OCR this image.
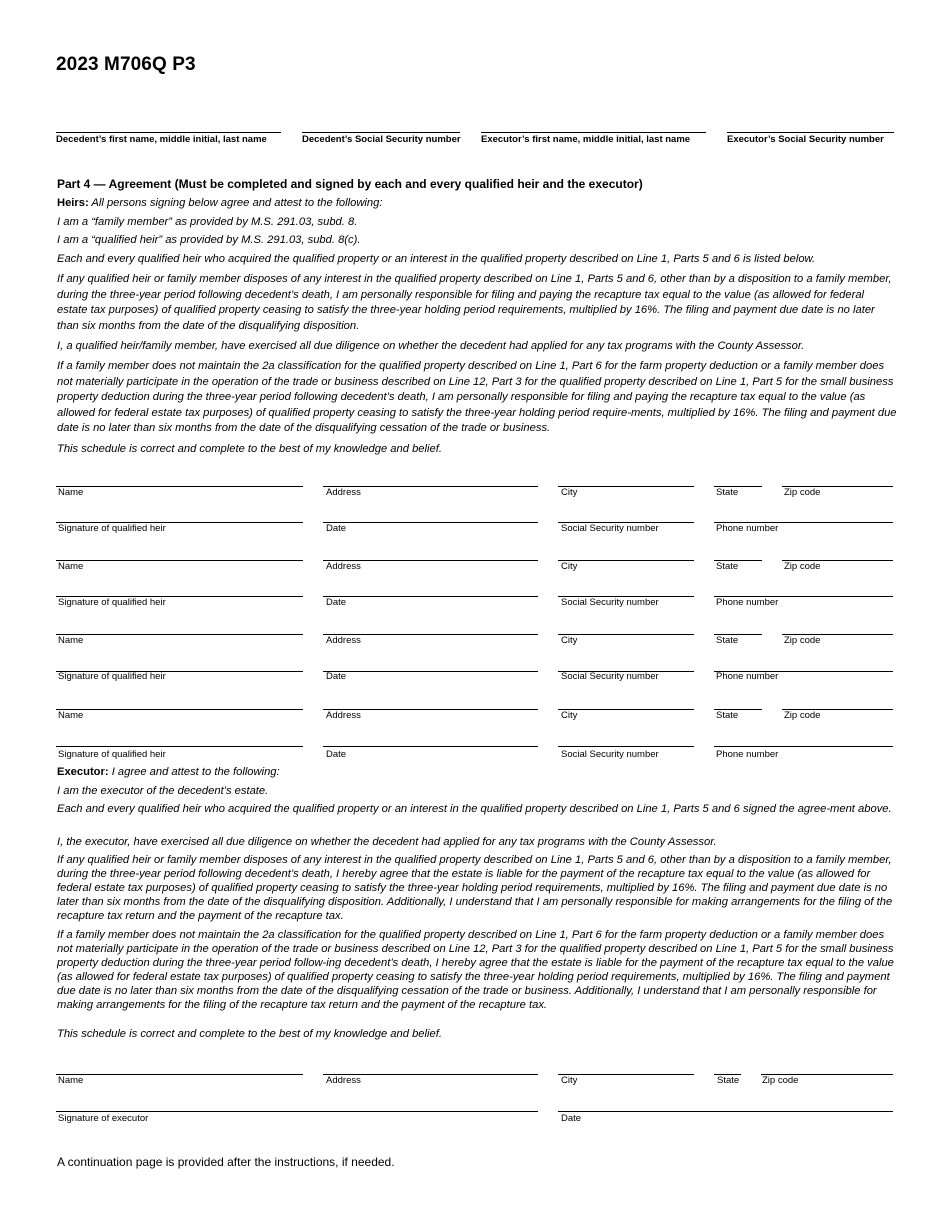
2023 M706Q P3
Decedent’s first name, middle initial, last name	Decedent’s Social Security number Executor’s first name, middle initial, last name	Executor’s Social Security number
Part 4 — Agreement (Must be completed and signed by each and every qualified heir and the executor)
Heirs: All persons signing below agree and attest to the following:
I am a “family member” as provided by M.S. 291.03, subd. 8.
I am a “qualified heir” as provided by M.S. 291.03, subd. 8(c).
Each and every qualified heir who acquired the qualified property or an interest in the qualified property described on Line 1, Parts 5 and 6 is listed below.
If any qualified heir or family member disposes of any interest in the qualified property described on Line 1, Parts 5 and 6, other than by a disposition to a family member, during the three-year period following decedent’s death, I am personally responsible for filing and paying the recapture tax equal to the value (as allowed for federal estate tax purposes) of qualified property ceasing to satisfy the three-year holding period requirements, multiplied by 16%. The filing and payment due date is no later than six months from the date of the disqualifying disposition.
I, a qualified heir/family member, have exercised all due diligence on whether the decedent had applied for any tax programs with the County Assessor.
If a family member does not maintain the 2a classification for the qualified property described on Line 1, Part 6 for the farm property deduction or a family member does not materially participate in the operation of the trade or business described on Line 12, Part 3 for the qualified property described on Line 1, Part 5 for the small business property deduction during the three-year period following decedent’s death, I am personally responsible for filing and paying the recapture tax equal to the value (as allowed for federal estate tax purposes) of qualified property ceasing to satisfy the three-year holding period require-ments, multiplied by 16%. The filing and payment due date is no later than six months from the date of the disqualifying cessation of the trade or business.
This schedule is correct and complete to the best of my knowledge and belief.
Name	Address	City	State	Zip code
Signature of qualified heir	Date	Social Security number	Phone number
Name	Address	City	State	Zip code
Signature of qualified heir	Date	Social Security number	Phone number
Name	Address	City	State	Zip code
Signature of qualified heir	Date	Social Security number	Phone number
Name	Address	City	State	Zip code
Signature of qualified heir	Date	Social Security number	Phone number
Executor: I agree and attest to the following:
I am the executor of the decedent’s estate.
Each and every qualified heir who acquired the qualified property or an interest in the qualified property described on Line 1, Parts 5 and 6 signed the agree-ment above.
I, the executor, have exercised all due diligence on whether the decedent had applied for any tax programs with the County Assessor.
If any qualified heir or family member disposes of any interest in the qualified property described on Line 1, Parts 5 and 6, other than by a disposition to a family member, during the three-year period following decedent’s death, I hereby agree that the estate is liable for the payment of the recapture tax equal to the value (as allowed for federal estate tax purposes) of qualified property ceasing to satisfy the three-year holding period requirements, multiplied by 16%. The filing and payment due date is no later than six months from the date of the disqualifying disposition. Additionally, I understand that I am personally responsible for making arrangements for the filing of the recapture tax return and the payment of the recapture tax.
If a family member does not maintain the 2a classification for the qualified property described on Line 1, Part 6 for the farm property deduction or a family member does not materially participate in the operation of the trade or business described on Line 12, Part 3 for the qualified property described on Line 1, Part 5 for the small business property deduction during the three-year period follow-ing decedent’s death, I hereby agree that the estate is liable for the payment of the recapture tax equal to the value (as allowed for federal estate tax purposes) of qualified property ceasing to satisfy the three-year holding period requirements, multiplied by 16%. The filing and payment due date is no later than six months from the date of the disqualifying cessation of the trade or business. Additionally, I understand that I am personally responsible for making arrangements for the filing of the recapture tax return and the payment of the recapture tax.
This schedule is correct and complete to the best of my knowledge and belief.
Name	Address	City	State Zip code
Signature of executor	Date
A continuation page is provided after the instructions, if needed.
